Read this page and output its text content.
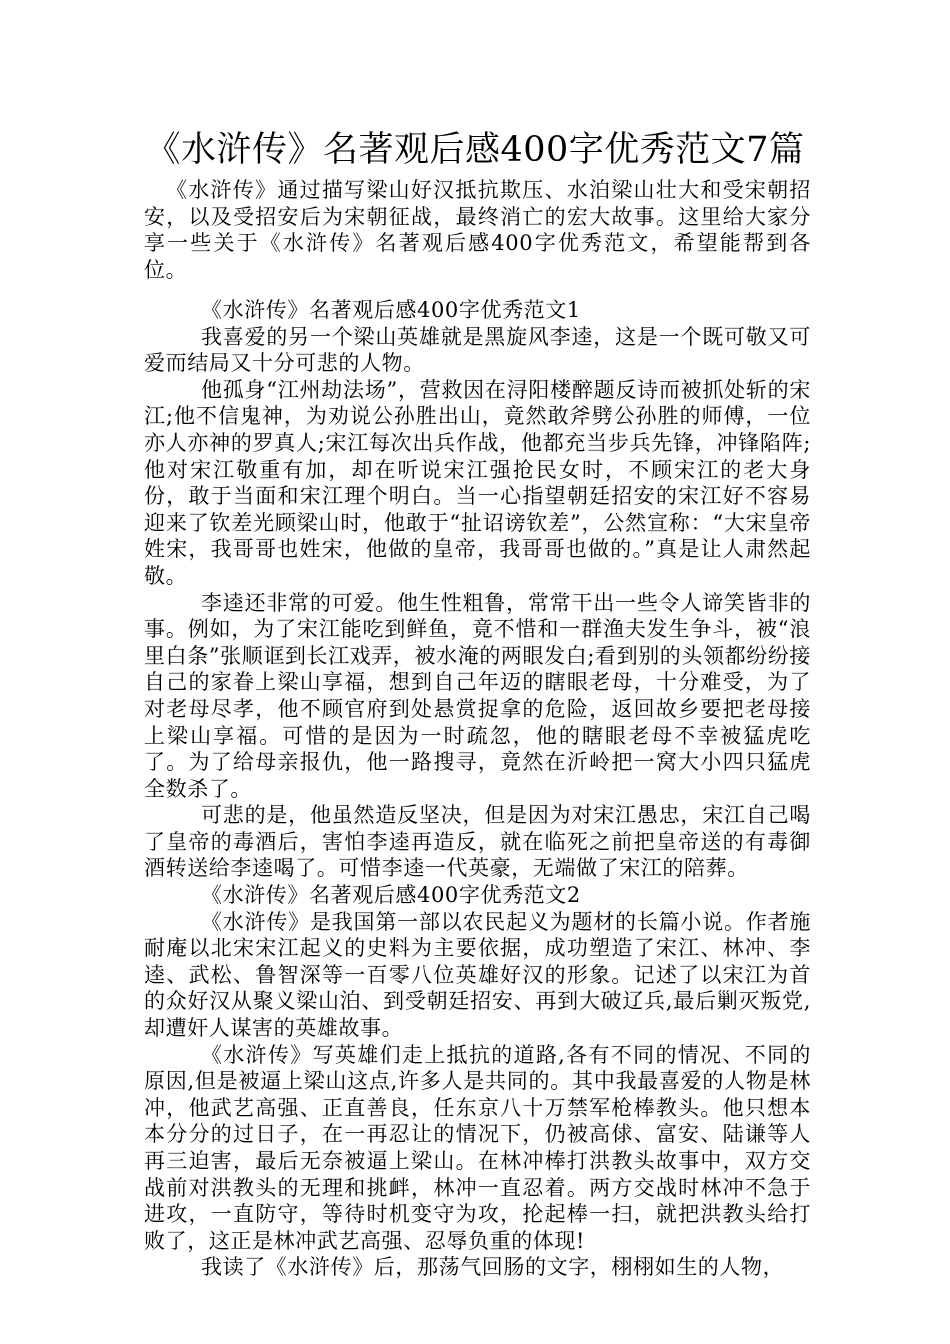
《水浒传》名著观后感400字优秀范文7篇

《水浒传》通过描写梁山好汉抵抗欺压、水泊梁山壮大和受宋朝招安，以及受招安后为宋朝征战，最终消亡的宏大故事。这里给大家分享一些关于《水浒传》名著观后感400字优秀范文，希望能帮到各位。

《水浒传》名著观后感400字优秀范文1

我喜爱的另一个梁山英雄就是黑旋风李逵，这是一个既可敬又可爱而结局又十分可悲的人物。

他孤身“江州劫法场”，营救因在浔阳楼醉题反诗而被抓处斩的宋江;他不信鬼神，为劝说公孙胜出山，竟然敢斧劈公孙胜的师傅，一位亦人亦神的罗真人;宋江每次出兵作战，他都充当步兵先锋，冲锋陷阵;他对宋江敬重有加，却在听说宋江强抢民女时，不顾宋江的老大身份，敢于当面和宋江理个明白。当一心指望朝廷招安的宋江好不容易迎来了钦差光顾梁山时，他敢于“扯诏谤钦差”，公然宣称：“大宋皇帝姓宋，我哥哥也姓宋，他做的皇帝，我哥哥也做的。”真是让人肃然起敬。

李逵还非常的可爱。他生性粗鲁，常常干出一些令人谛笑皆非的事。例如，为了宋江能吃到鲜鱼，竟不惜和一群渔夫发生争斗，被“浪里白条”张顺诓到长江戏弄，被水淹的两眼发白;看到别的头领都纷纷接自己的家眷上梁山享福，想到自己年迈的瞎眼老母，十分难受，为了对老母尽孝，他不顾官府到处悬赏捉拿的危险，返回故乡要把老母接上梁山享福。可惜的是因为一时疏忽，他的瞎眼老母不幸被猛虎吃了。为了给母亲报仇，他一路搜寻，竟然在沂岭把一窝大小四只猛虎全数杀了。

可悲的是，他虽然造反坚决，但是因为对宋江愚忠，宋江自己喝了皇帝的毒酒后，害怕李逵再造反，就在临死之前把皇帝送的有毒御酒转送给李逵喝了。可惜李逵一代英豪，无端做了宋江的陪葬。

《水浒传》名著观后感400字优秀范文2

《水浒传》是我国第一部以农民起义为题材的长篇小说。作者施耐庵以北宋宋江起义的史料为主要依据，成功塑造了宋江、林冲、李逵、武松、鲁智深等一百零八位英雄好汉的形象。记述了以宋江为首的众好汉从聚义梁山泊、到受朝廷招安、再到大破辽兵,最后剿灭叛党,却遭奸人谋害的英雄故事。

《水浒传》写英雄们走上抵抗的道路,各有不同的情况、不同的原因,但是被逼上梁山这点,许多人是共同的。其中我最喜爱的人物是林冲，他武艺高强、正直善良，任东京八十万禁军枪棒教头。他只想本本分分的过日子，在一再忍让的情况下，仍被高俅、富安、陆谦等人再三迫害，最后无奈被逼上梁山。在林冲棒打洪教头故事中，双方交战前对洪教头的无理和挑衅，林冲一直忍着。两方交战时林冲不急于进攻，一直防守，等待时机变守为攻，抡起棒一扫，就把洪教头给打败了，这正是林冲武艺高强、忍辱负重的体现!

我读了《水浒传》后，那荡气回肠的文字，栩栩如生的人物，
